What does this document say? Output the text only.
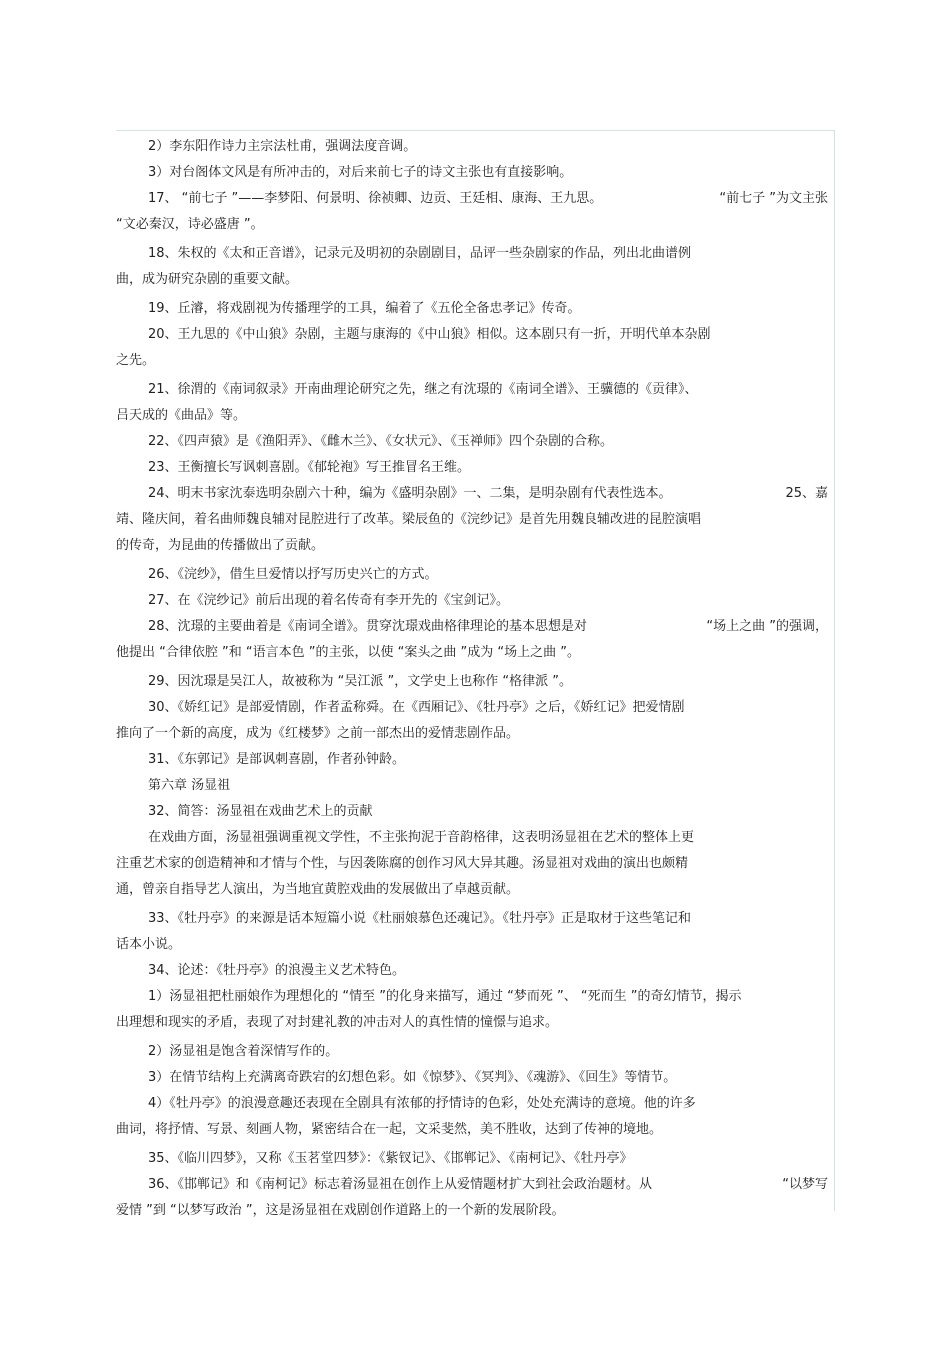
2）李东阳作诗力主宗法杜甫，强调法度音调。
3）对台阁体文风是有所冲击的，对后来前七子的诗文主张也有直接影响。
17、 “前七子 ”——李梦阳、何景明、徐祯卿、边贡、王廷相、康海、王九思。	“前七子 ”为文主张
“文必秦汉，诗必盛唐 ”。
18、朱权的《太和正音谱》，记录元及明初的杂剧剧目，品评一些杂剧家的作品，列出北曲谱例
曲，成为研究杂剧的重要文献。
19、丘濬，将戏剧视为传播理学的工具，编着了《五伦全备忠孝记》传奇。
20、王九思的《中山狼》杂剧，主题与康海的《中山狼》相似。这本剧只有一折，开明代单本杂剧
之先。
21、徐渭的《南词叙录》开南曲理论研究之先，继之有沈璟的《南词全谱》、王骥德的《贡律》、
吕天成的《曲品》等。
22、《四声猿》是《渔阳弄》、《雌木兰》、《女状元》、《玉禅师》四个杂剧的合称。
23、王衡擅长写讽刺喜剧。《郁轮袍》写王推冒名王维。
24、明末书家沈泰选明杂剧六十种，编为《盛明杂剧》一、二集，是明杂剧有代表性选本。	25、嘉
靖、隆庆间，着名曲师魏良辅对昆腔进行了改革。梁辰鱼的《浣纱记》是首先用魏良辅改进的昆腔演唱
的传奇，为昆曲的传播做出了贡献。
26、《浣纱》，借生旦爱情以抒写历史兴亡的方式。
27、在《浣纱记》前后出现的着名传奇有李开先的《宝剑记》。
28、沈璟的主要曲着是《南词全谱》。贯穿沈璟戏曲格律理论的基本思想是对	“场上之曲 ”的强调，
他提出 “合律依腔 ”和 “语言本色 ”的主张，以使 “案头之曲 ”成为 “场上之曲 ”。
29、因沈璟是吴江人，故被称为 “吴江派 ”，文学史上也称作 “格律派 ”。
30、《娇红记》是部爱情剧，作者孟称舜。在《西厢记》、《牡丹亭》之后，《娇红记》把爱情剧
推向了一个新的高度，成为《红楼梦》之前一部杰出的爱情悲剧作品。
31、《东郭记》是部讽刺喜剧，作者孙钟龄。
第六章 汤显祖
32、简答：汤显祖在戏曲艺术上的贡献
在戏曲方面，汤显祖强调重视文学性，不主张拘泥于音韵格律，这表明汤显祖在艺术的整体上更
注重艺术家的创造精神和才情与个性，与因袭陈腐的创作习风大异其趣。汤显祖对戏曲的演出也颇精
通，曾亲自指导艺人演出，为当地宜黄腔戏曲的发展做出了卓越贡献。
33、《牡丹亭》的来源是话本短篇小说《杜丽娘慕色还魂记》。《牡丹亭》正是取材于这些笔记和
话本小说。
34、论述：《牡丹亭》的浪漫主义艺术特色。
1）汤显祖把杜丽娘作为理想化的 “情至 ”的化身来描写，通过 “梦而死 ”、 “死而生 ”的奇幻情节，揭示
出理想和现实的矛盾，表现了对封建礼教的冲击对人的真性情的憧憬与追求。
2）汤显祖是饱含着深情写作的。
3）在情节结构上充满离奇跌宕的幻想色彩。如《惊梦》、《冥判》、《魂游》、《回生》等情节。
4）《牡丹亭》的浪漫意趣还表现在全剧具有浓郁的抒情诗的色彩，处处充满诗的意境。他的许多
曲词，将抒情、写景、刻画人物，紧密结合在一起，文采斐然，美不胜收，达到了传神的境地。
35、《临川四梦》，又称《玉茗堂四梦》：《紫钗记》、《邯郸记》、《南柯记》、《牡丹亭》
36、《邯郸记》和《南柯记》标志着汤显祖在创作上从爱情题材扩大到社会政治题材。从	“以梦写
爱情 ”到 “以梦写政治 ”，这是汤显祖在戏剧创作道路上的一个新的发展阶段。
